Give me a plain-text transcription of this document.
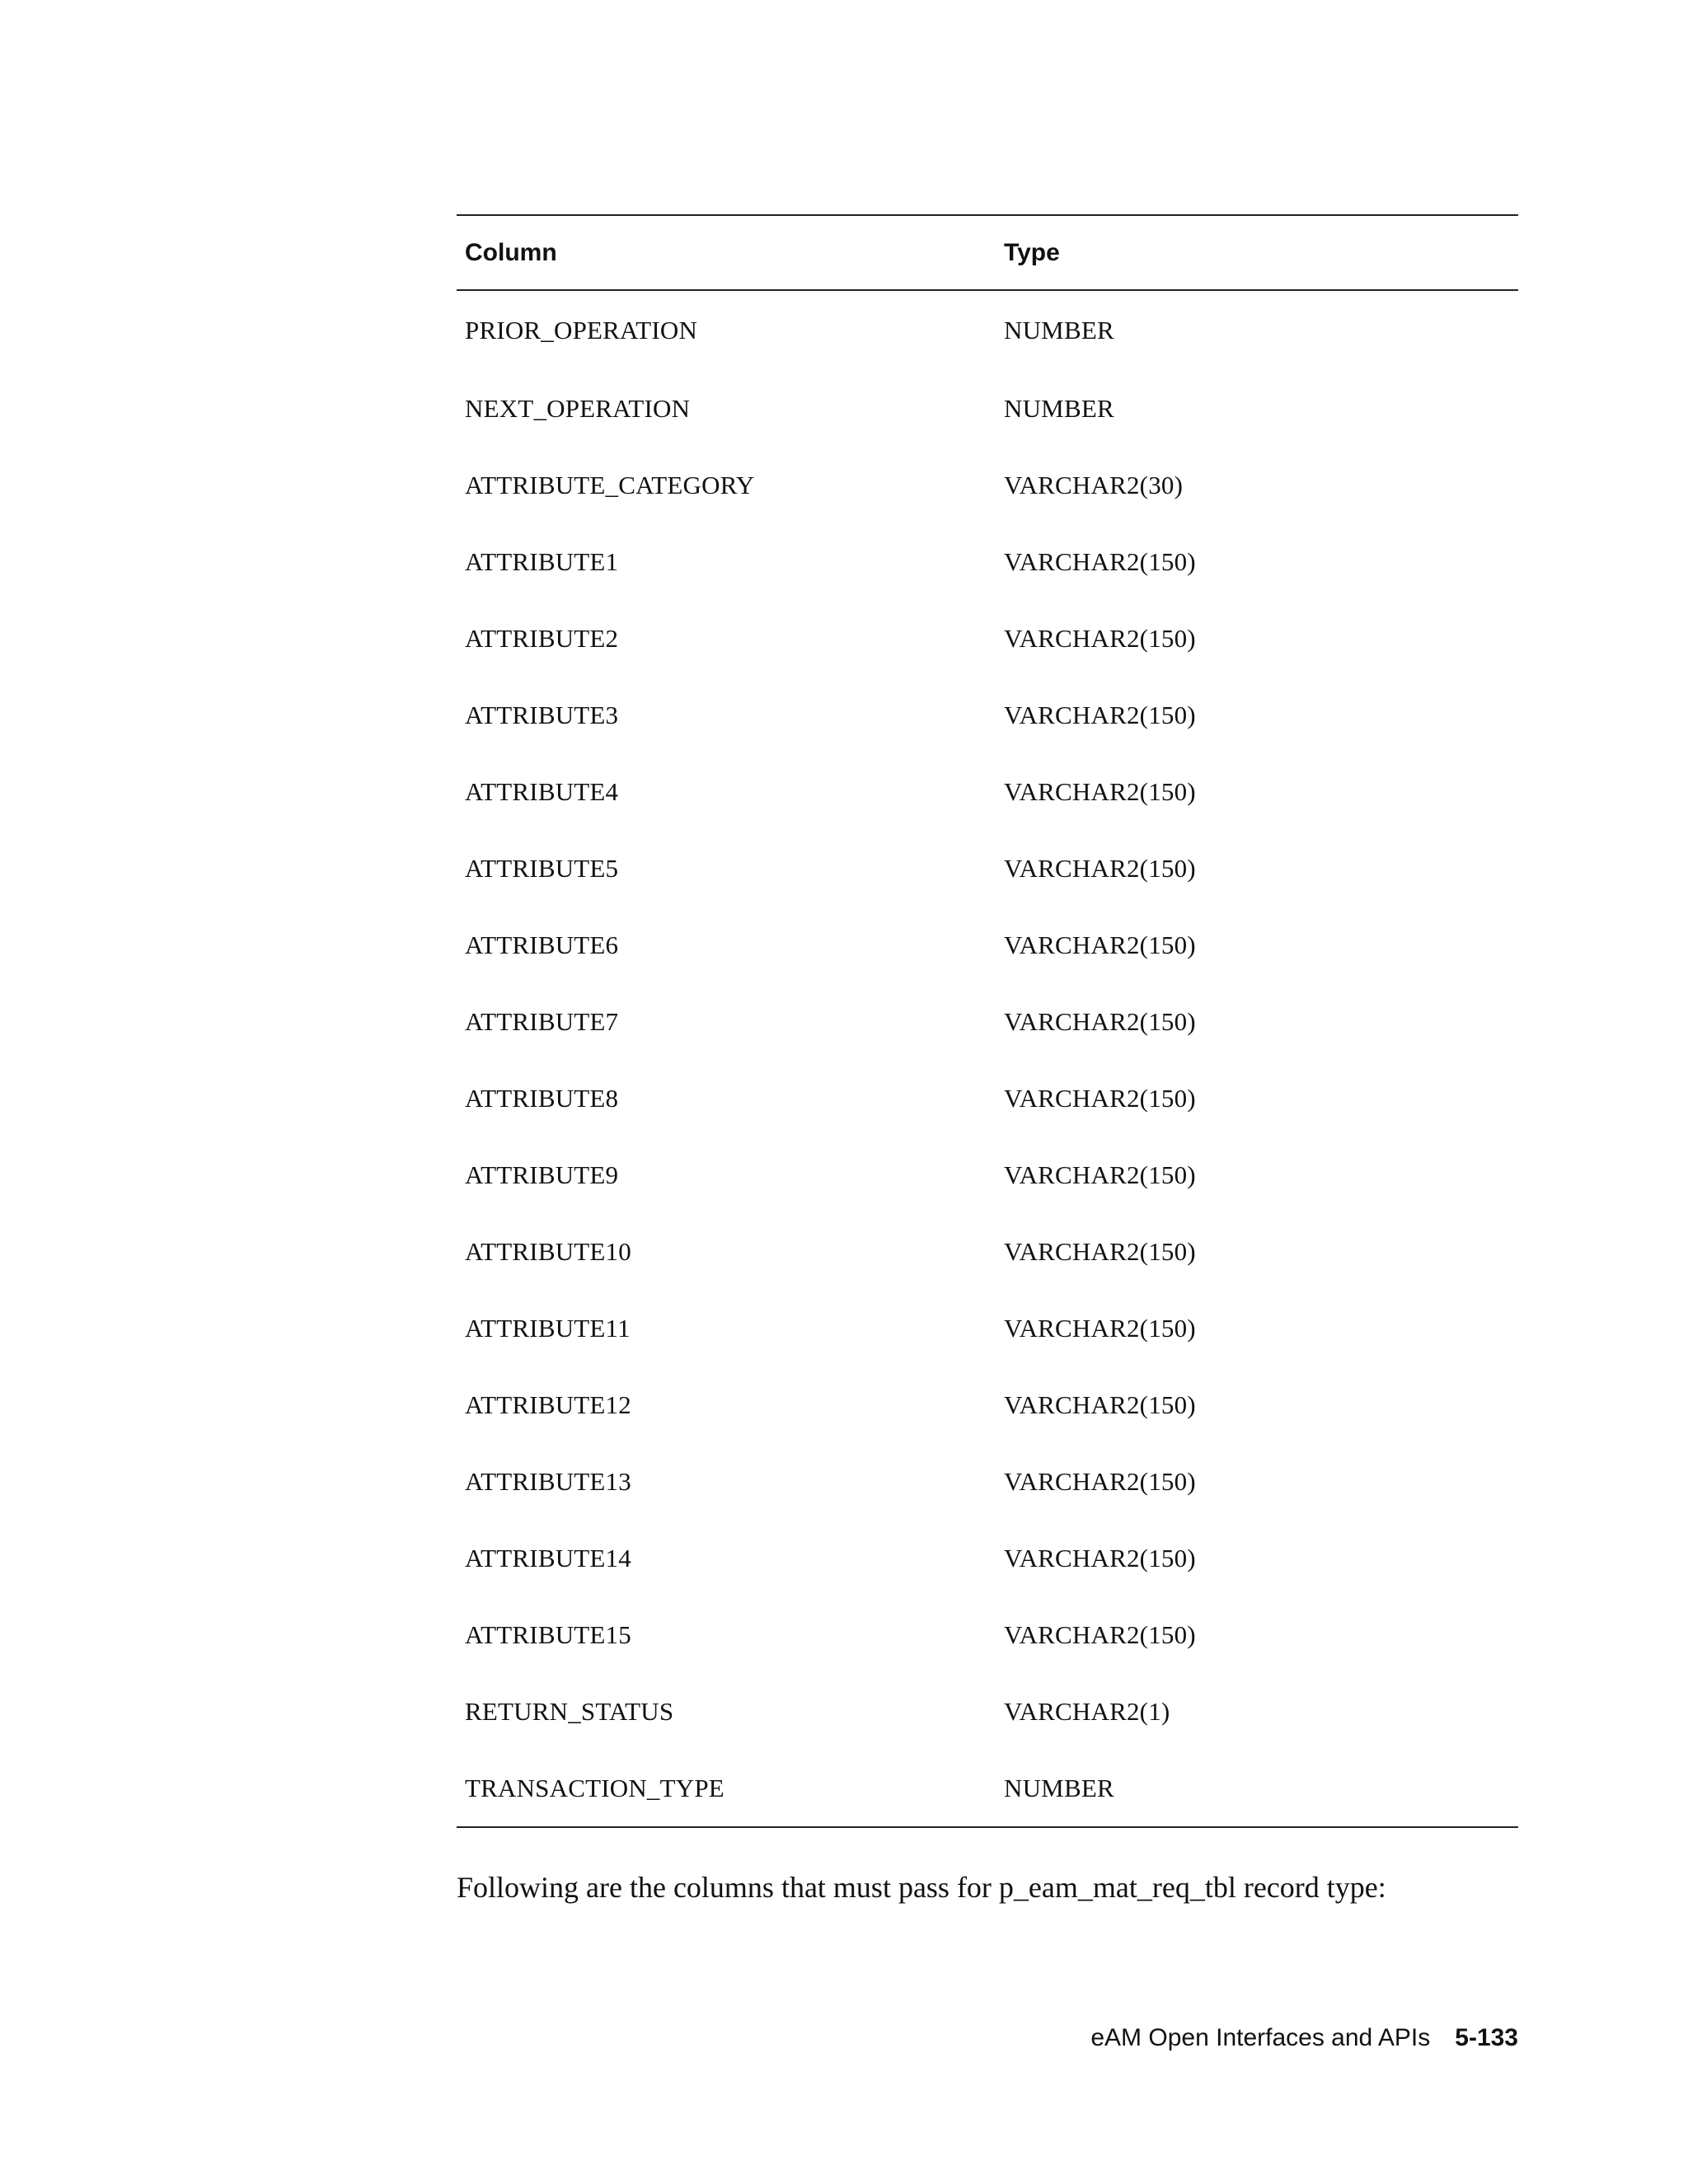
Column	Type
PRIOR_OPERATION	NUMBER
NEXT_OPERATION	NUMBER
ATTRIBUTE_CATEGORY	VARCHAR2(30)
ATTRIBUTE1	VARCHAR2(150)
ATTRIBUTE2	VARCHAR2(150)
ATTRIBUTE3	VARCHAR2(150)
ATTRIBUTE4	VARCHAR2(150)
ATTRIBUTE5	VARCHAR2(150)
ATTRIBUTE6	VARCHAR2(150)
ATTRIBUTE7	VARCHAR2(150)
ATTRIBUTE8	VARCHAR2(150)
ATTRIBUTE9	VARCHAR2(150)
ATTRIBUTE10	VARCHAR2(150)
ATTRIBUTE11	VARCHAR2(150)
ATTRIBUTE12	VARCHAR2(150)
ATTRIBUTE13	VARCHAR2(150)
ATTRIBUTE14	VARCHAR2(150)
ATTRIBUTE15	VARCHAR2(150)
RETURN_STATUS	VARCHAR2(1)
TRANSACTION_TYPE	NUMBER

Following are the columns that must pass for p_eam_mat_req_tbl record type:

eAM Open Interfaces and APIs 5-133
